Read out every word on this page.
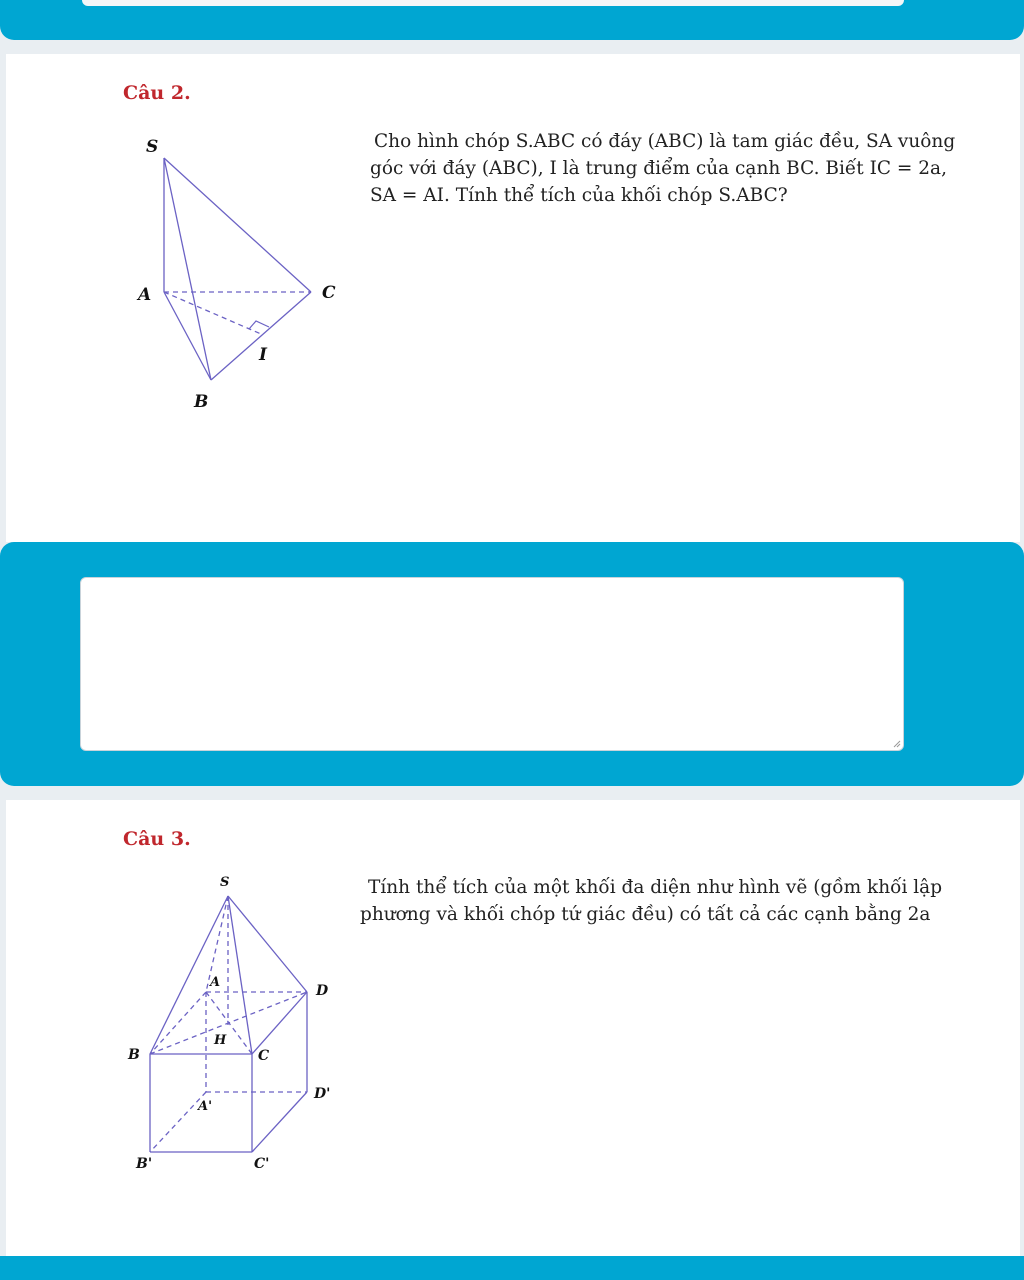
Câu 2.
S
A	C
I
B
Cho hình chóp S.ABC có đáy (ABC) là tam giác đều, SA vuông
góc với đáy (ABC), I là trung điểm của cạnh BC. Biết IC = 2a,
SA = AI. Tính thể tích của khối chóp S.ABC?
Câu 3.
S
A
D
H
B	C
A'
D'
B'	C'
Tính thể tích của một khối đa diện như hình vẽ (gồm khối lập
phương và khối chóp tứ giác đều) có tất cả các cạnh bằng 2a
